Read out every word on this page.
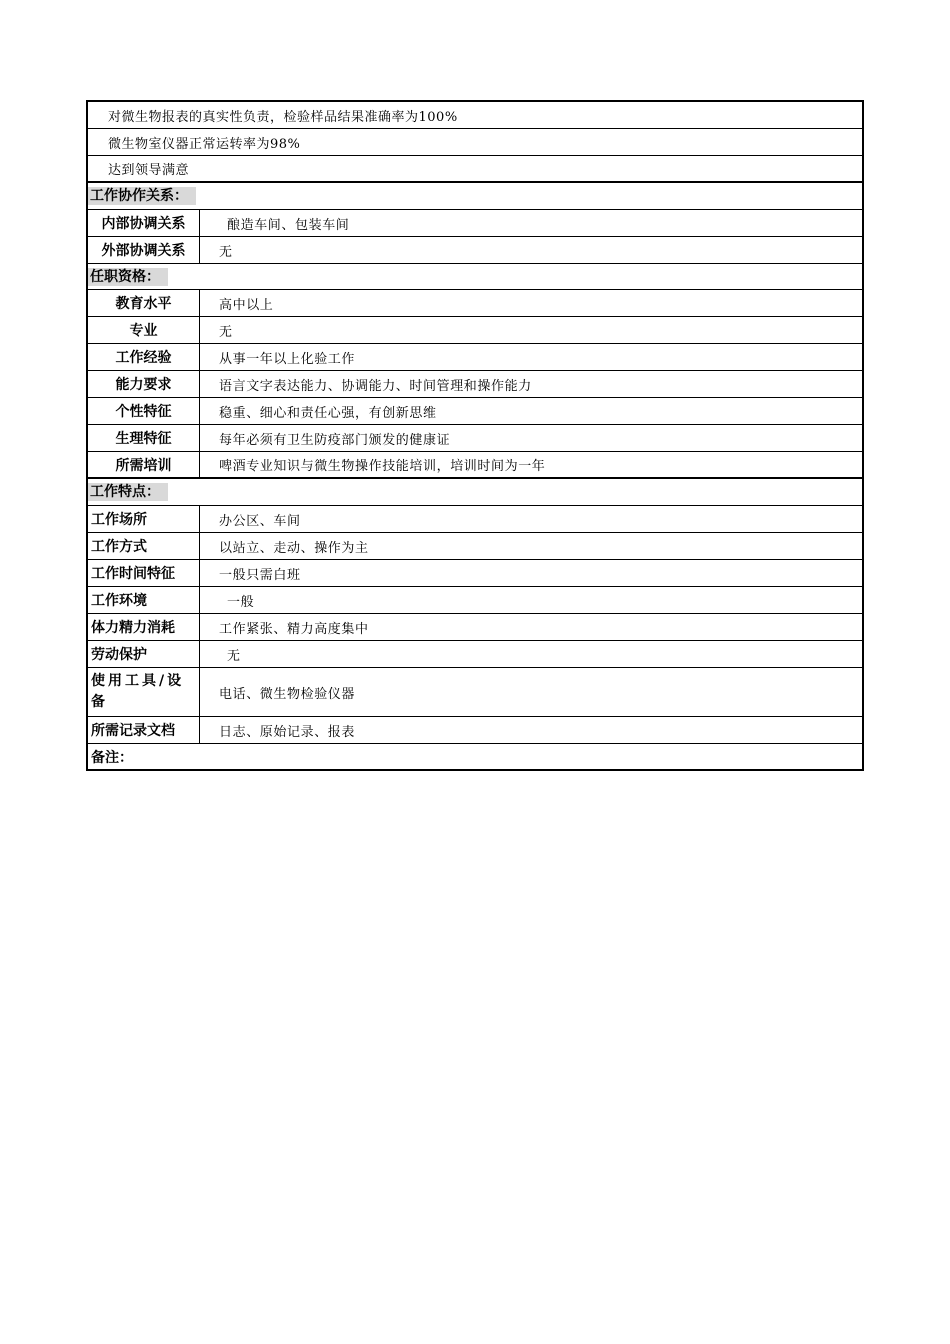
对微生物报表的真实性负责，检验样品结果准确率为100%
微生物室仪器正常运转率为98%
达到领导满意
工作协作关系：
内部协调关系	酿造车间、包装车间
外部协调关系	无
任职资格：
教育水平	高中以上
专业	无
工作经验	从事一年以上化验工作
能力要求	语言文字表达能力、协调能力、时间管理和操作能力
个性特征	稳重、细心和责任心强，有创新思维
生理特征	每年必须有卫生防疫部门颁发的健康证
所需培训	啤酒专业知识与微生物操作技能培训，培训时间为一年
工作特点：
工作场所	办公区、车间
工作方式	以站立、走动、操作为主
工作时间特征	一般只需白班
工作环境	一般
体力精力消耗	工作紧张、精力高度集中
劳动保护	无
使用工具/设
备	电话、微生物检验仪器
所需记录文档	日志、原始记录、报表
备注：
